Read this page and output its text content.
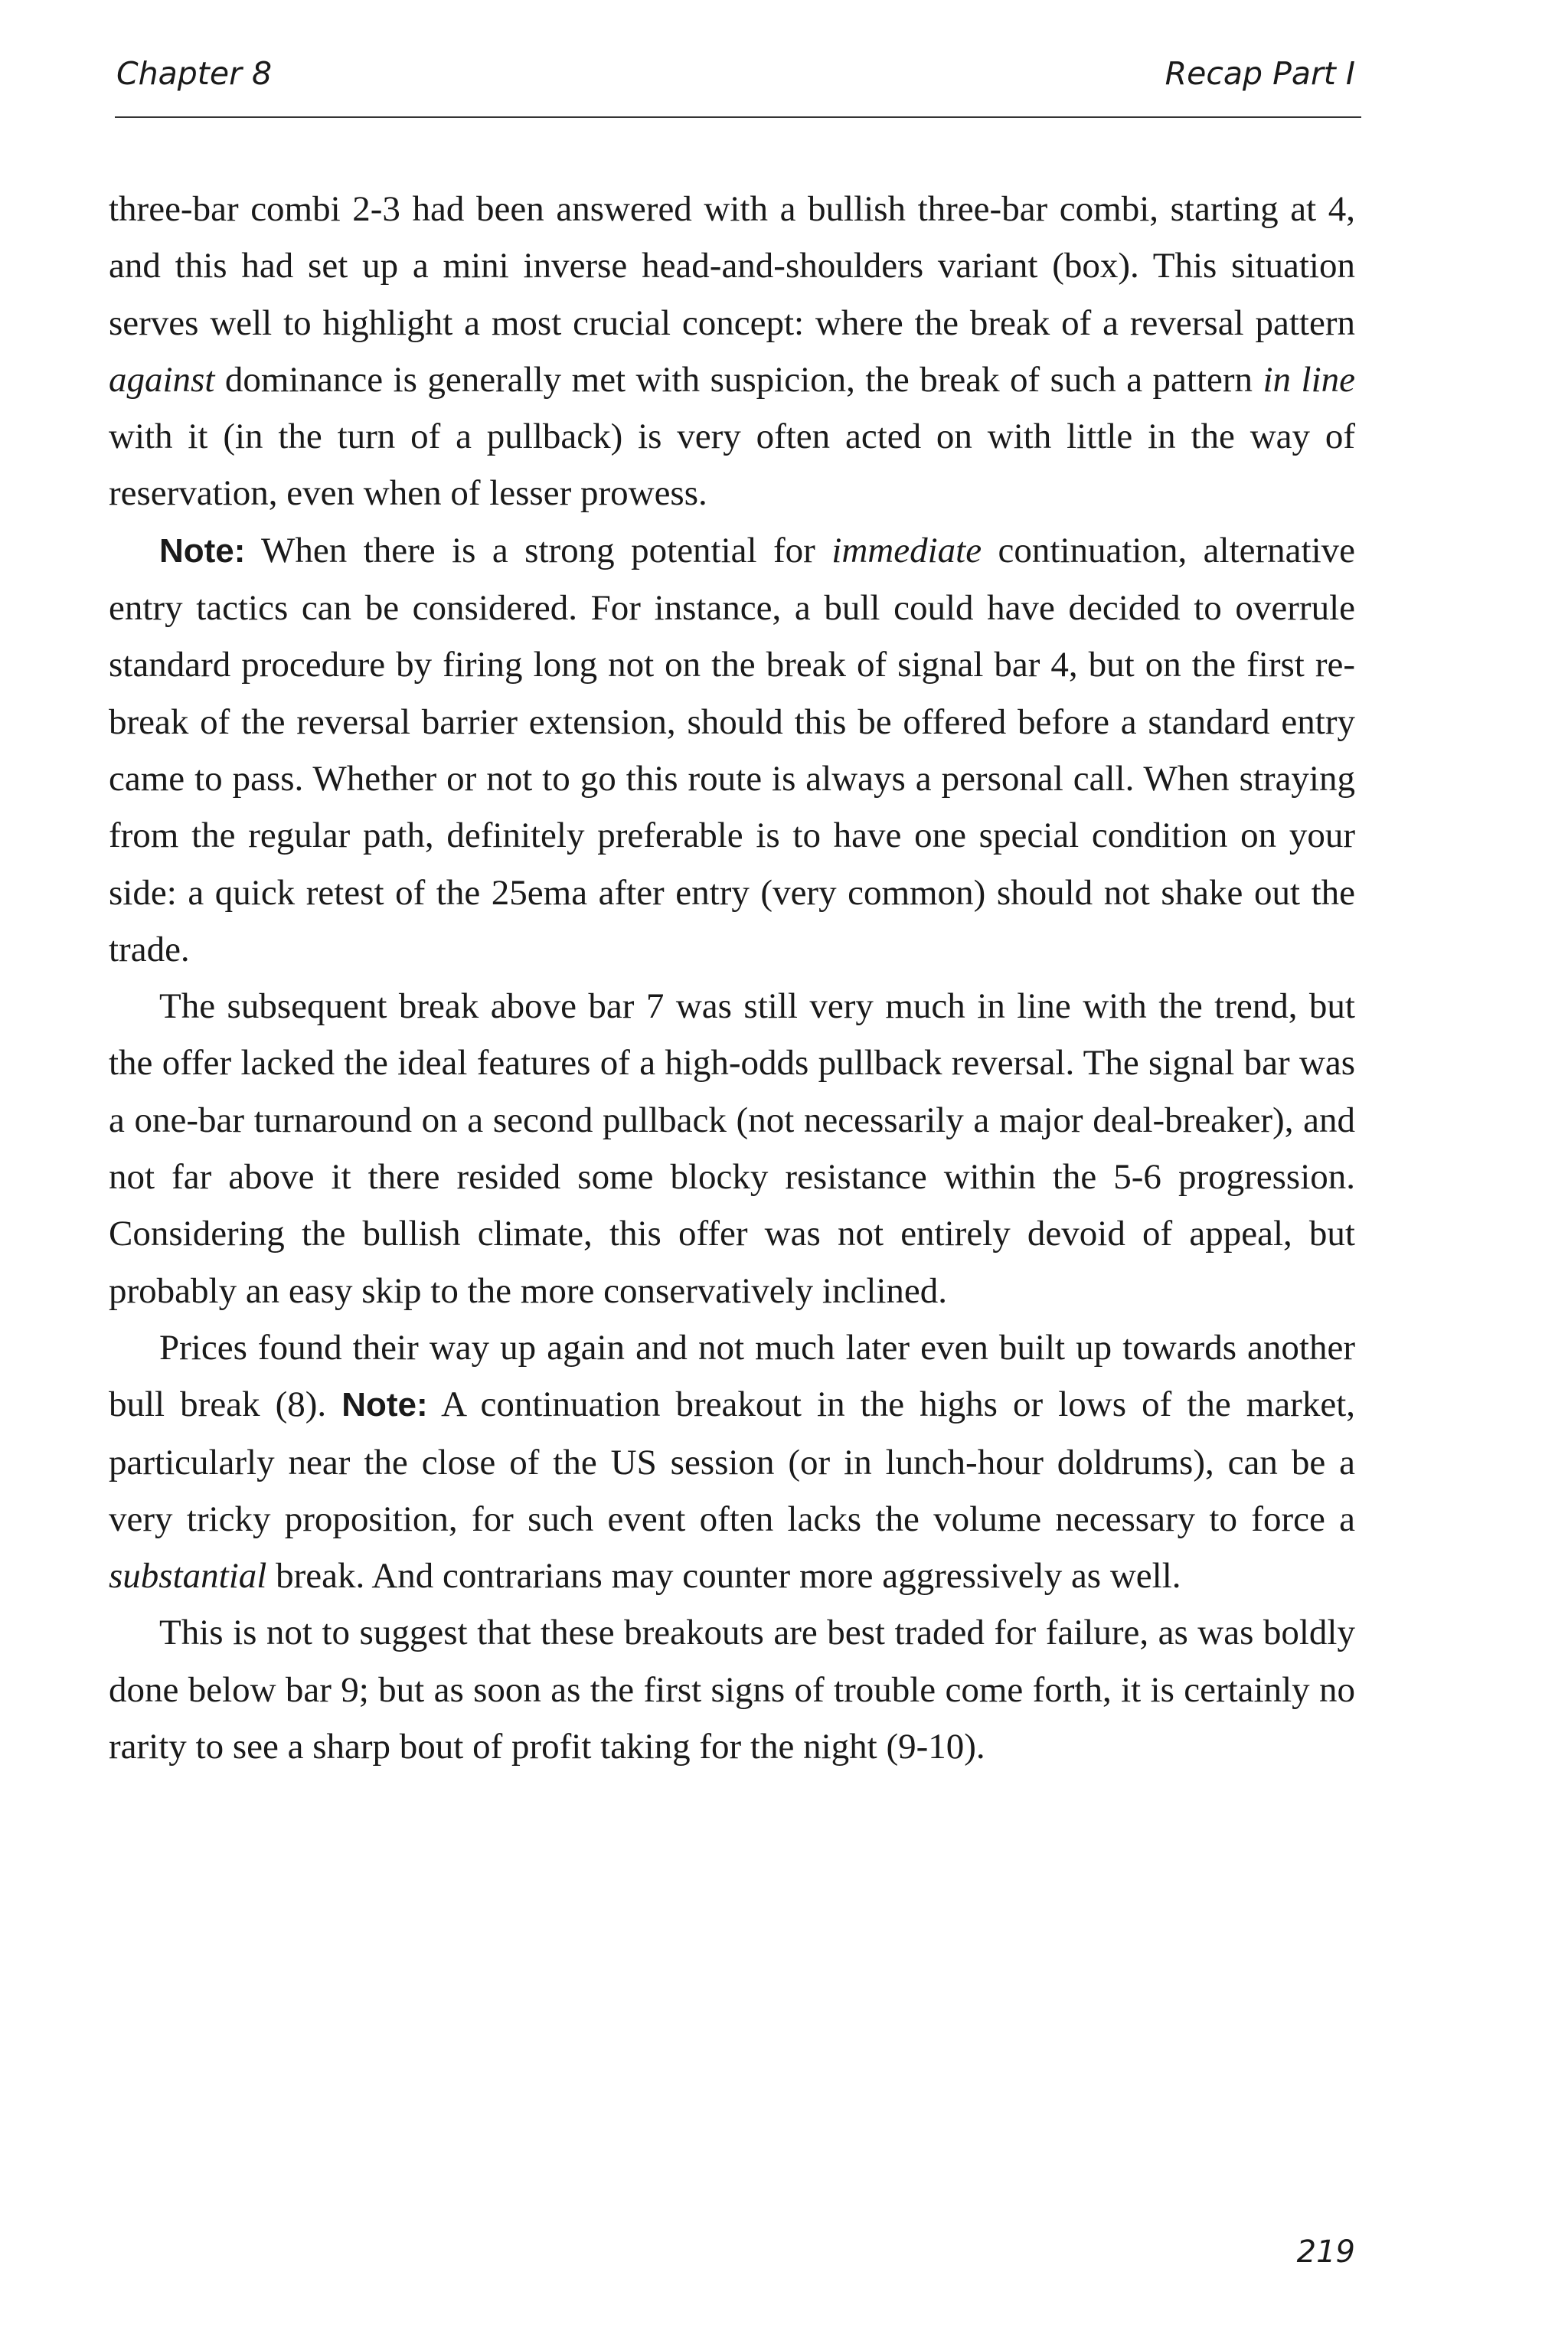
Chapter 8	Recap Part I

three-bar combi 2-3 had been answered with a bullish three-bar combi, starting at 4, and this had set up a mini inverse head-and-shoulders variant (box). This situation serves well to highlight a most crucial concept: where the break of a reversal pattern against dominance is generally met with suspicion, the break of such a pattern in line with it (in the turn of a pullback) is very often acted on with little in the way of reservation, even when of lesser prowess.

Note: When there is a strong potential for immediate continuation, alternative entry tactics can be considered. For instance, a bull could have decided to overrule standard procedure by firing long not on the break of signal bar 4, but on the first re-break of the reversal barrier extension, should this be offered before a standard entry came to pass. Whether or not to go this route is always a personal call. When straying from the regular path, definitely preferable is to have one special condition on your side: a quick retest of the 25ema after entry (very common) should not shake out the trade.

The subsequent break above bar 7 was still very much in line with the trend, but the offer lacked the ideal features of a high-odds pullback reversal. The signal bar was a one-bar turnaround on a second pullback (not necessarily a major deal-breaker), and not far above it there resided some blocky resistance within the 5-6 progression. Considering the bullish climate, this offer was not entirely devoid of appeal, but probably an easy skip to the more conservatively inclined.

Prices found their way up again and not much later even built up towards another bull break (8). Note: A continuation breakout in the highs or lows of the market, particularly near the close of the US session (or in lunch-hour doldrums), can be a very tricky proposition, for such event often lacks the volume necessary to force a substantial break. And contrarians may counter more aggressively as well.

This is not to suggest that these breakouts are best traded for failure, as was boldly done below bar 9; but as soon as the first signs of trouble come forth, it is certainly no rarity to see a sharp bout of profit taking for the night (9-10).

219
